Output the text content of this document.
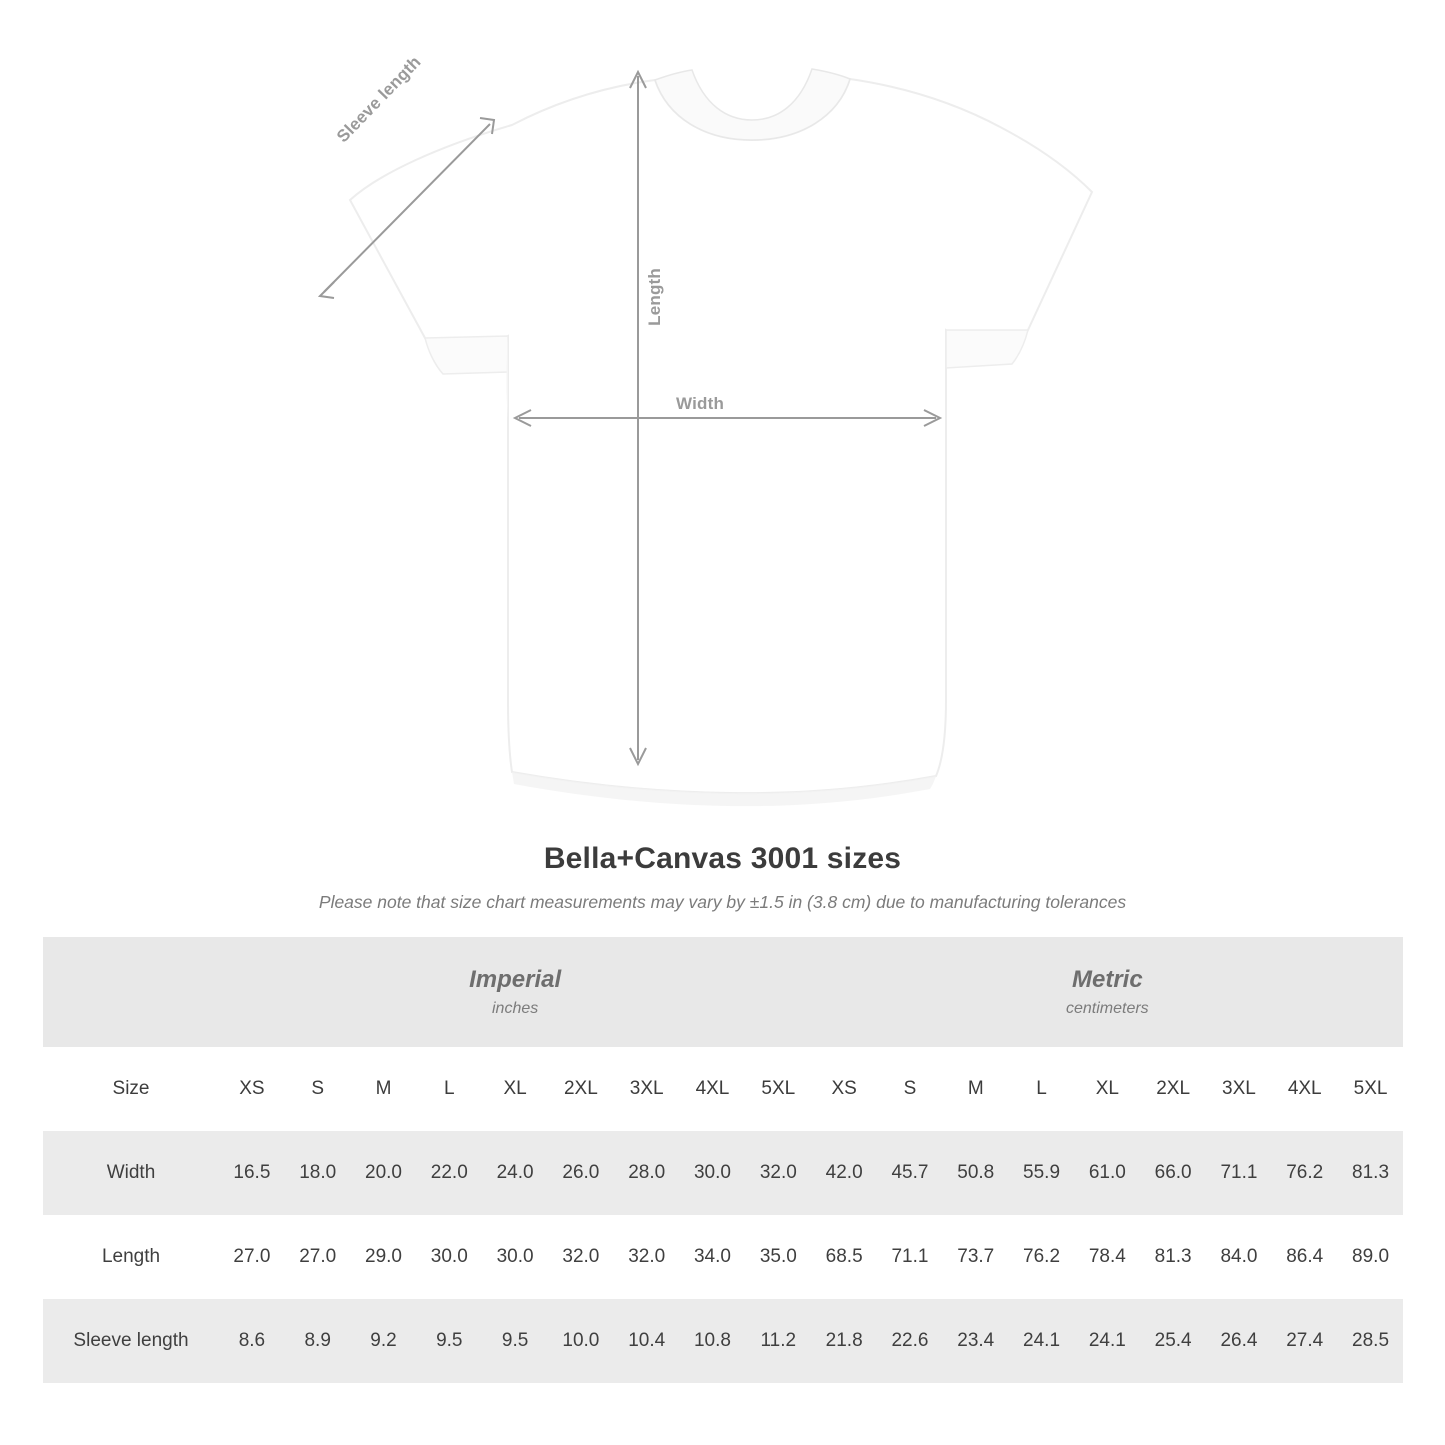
Length
Width
Sleeve length
Bella+Canvas 3001 sizes
Please note that size chart measurements may vary by ±1.5 in (3.8 cm) due to manufacturing tolerances

Imperial
inches

Metric
centimeters

Size	XS	S	M	L	XL	2XL	3XL	4XL	5XL	XS	S	M	L	XL	2XL	3XL	4XL	5XL
Width	16.5	18.0	20.0	22.0	24.0	26.0	28.0	30.0	32.0	42.0	45.7	50.8	55.9	61.0	66.0	71.1	76.2	81.3
Length	27.0	27.0	29.0	30.0	30.0	32.0	32.0	34.0	35.0	68.5	71.1	73.7	76.2	78.4	81.3	84.0	86.4	89.0
Sleeve length	8.6	8.9	9.2	9.5	9.5	10.0	10.4	10.8	11.2	21.8	22.6	23.4	24.1	24.1	25.4	26.4	27.4	28.5
